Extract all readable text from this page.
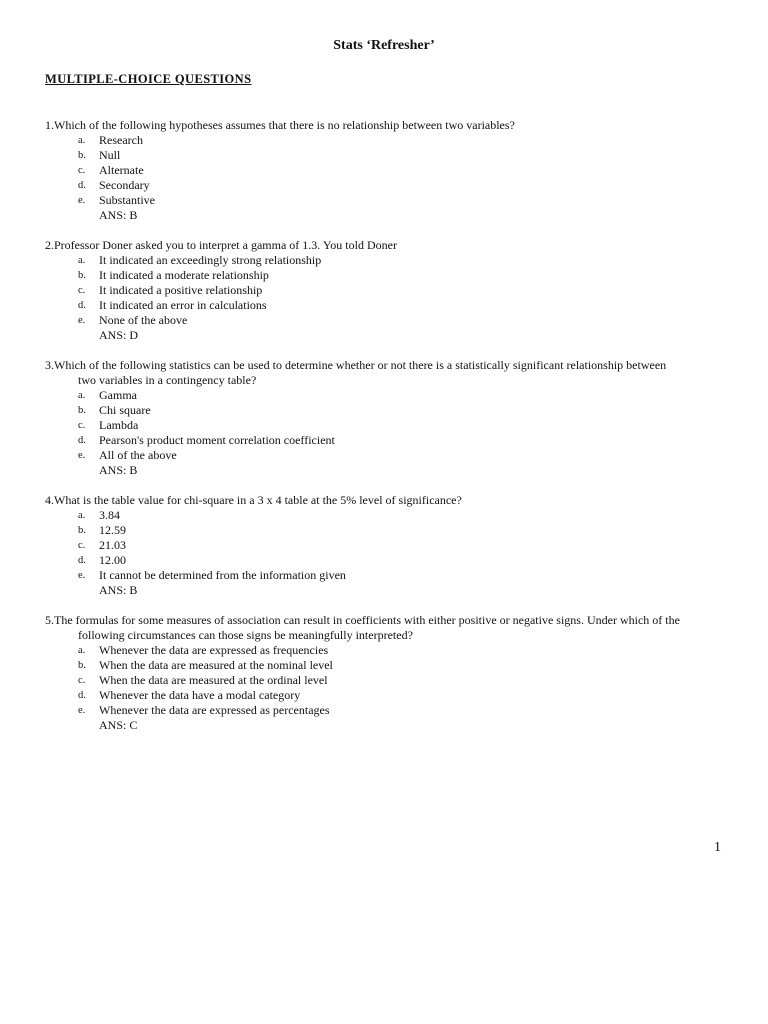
Stats ‘Refresher’
MULTIPLE-CHOICE QUESTIONS
1. Which of the following hypotheses assumes that there is no relationship between two variables?
a.	Research
b.	Null
c.	Alternate
d.	Secondary
e.	Substantive
ANS: B
2. Professor Doner asked you to interpret a gamma of 1.3. You told Doner
a.	It indicated an exceedingly strong relationship
b.	It indicated a moderate relationship
c.	It indicated a positive relationship
d.	It indicated an error in calculations
e.	None of the above
ANS: D
3. Which of the following statistics can be used to determine whether or not there is a statistically significant relationship between
two variables in a contingency table?
a.	Gamma
b.	Chi square
c.	Lambda
d.	Pearson's product moment correlation coefficient
e.	All of the above
ANS: B
4. What is the table value for chi-square in a 3 x 4 table at the 5% level of significance?
a.	3.84
b.	12.59
c.	21.03
d.	12.00
e.	It cannot be determined from the information given
ANS: B
5. The formulas for some measures of association can result in coefficients with either positive or negative signs. Under which of the
following circumstances can those signs be meaningfully interpreted?
a.	Whenever the data are expressed as frequencies
b.	When the data are measured at the nominal level
c.	When the data are measured at the ordinal level
d.	Whenever the data have a modal category
e.	Whenever the data are expressed as percentages
ANS: C
1
